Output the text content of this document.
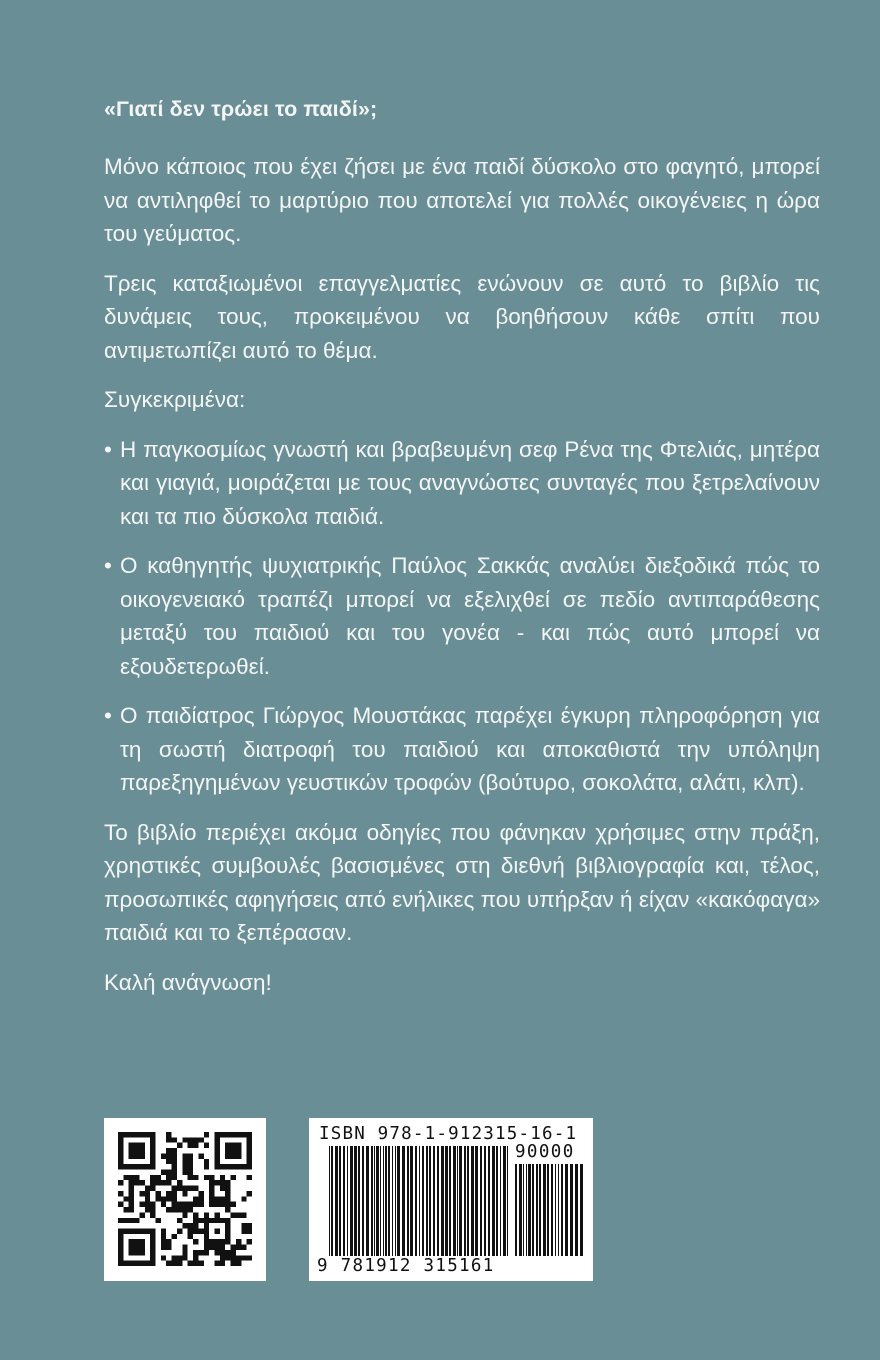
«Γιατί δεν τρώει το παιδί»;

Μόνο κάποιος που έχει ζήσει με ένα παιδί δύσκολο στο φαγητό, μπορεί να αντιληφθεί το μαρτύριο που αποτελεί για πολλές οικογένειες η ώρα του γεύματος.

Τρεις καταξιωμένοι επαγγελματίες ενώνουν σε αυτό το βιβλίο τις δυνάμεις τους, προκειμένου να βοηθήσουν κάθε σπίτι που αντιμετωπίζει αυτό το θέμα.

Συγκεκριμένα:

• Η παγκοσμίως γνωστή και βραβευμένη σεφ Ρένα της Φτελιάς, μητέρα και γιαγιά, μοιράζεται με τους αναγνώστες συνταγές που ξετρελαίνουν και τα πιο δύσκολα παιδιά.

• Ο καθηγητής ψυχιατρικής Παύλος Σακκάς αναλύει διεξοδικά πώς το οικογενειακό τραπέζι μπορεί να εξελιχθεί σε πεδίο αντιπαράθεσης μεταξύ του παιδιού και του γονέα - και πώς αυτό μπορεί να εξουδετερωθεί.

• Ο παιδίατρος Γιώργος Μουστάκας παρέχει έγκυρη πληροφόρηση για τη σωστή διατροφή του παιδιού και αποκαθιστά την υπόληψη παρεξηγημένων γευστικών τροφών (βούτυρο, σοκολάτα, αλάτι, κλπ).

Το βιβλίο περιέχει ακόμα οδηγίες που φάνηκαν χρήσιμες στην πράξη, χρηστικές συμβουλές βασισμένες στη διεθνή βιβλιογραφία και, τέλος, προσωπικές αφηγήσεις από ενήλικες που υπήρξαν ή είχαν «κακόφαγα» παιδιά και το ξεπέρασαν.

Καλή ανάγνωση!

ISBN 978-1-912315-16-1
90000
9 781912 315161
